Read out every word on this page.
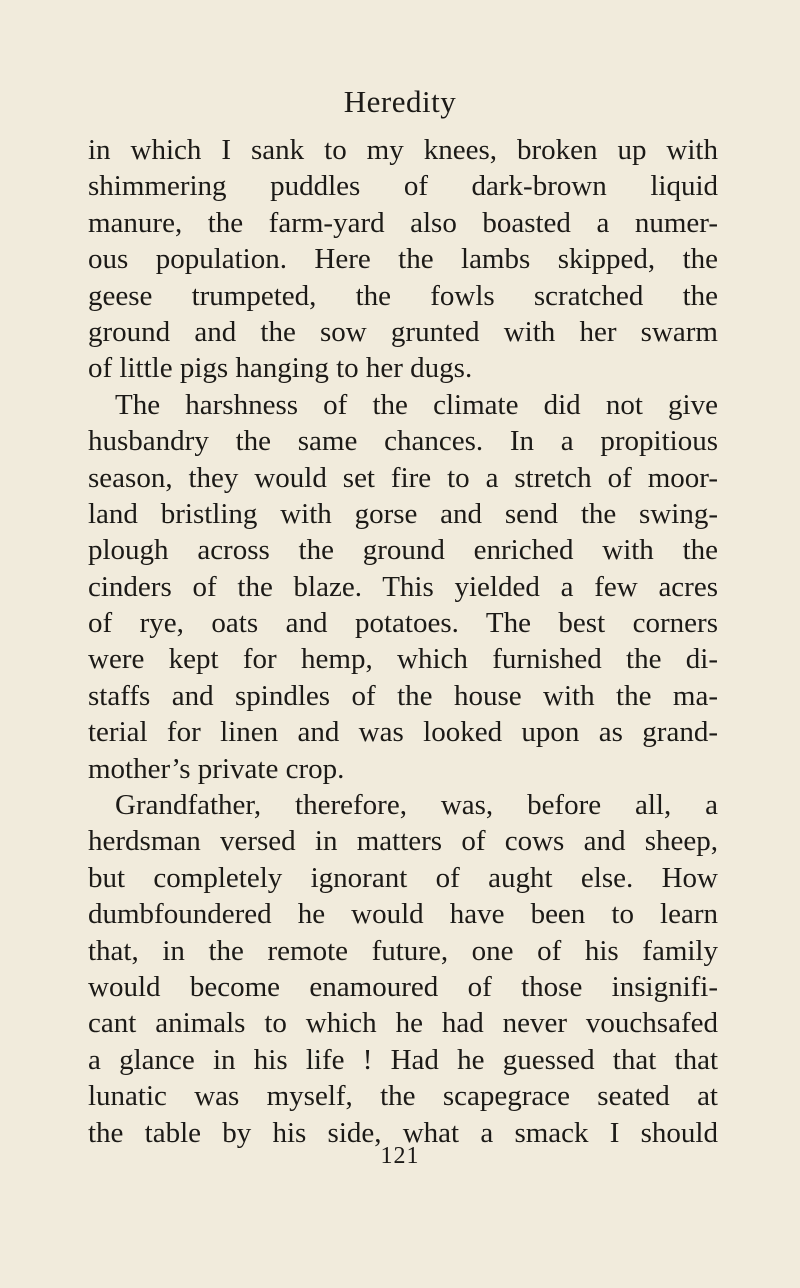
Heredity
in which I sank to my knees, broken up with
shimmering puddles of dark-brown liquid
manure, the farm-yard also boasted a numer-
ous population. Here the lambs skipped, the
geese trumpeted, the fowls scratched the
ground and the sow grunted with her swarm
of little pigs hanging to her dugs.
The harshness of the climate did not give
husbandry the same chances. In a propitious
season, they would set fire to a stretch of moor-
land bristling with gorse and send the swing-
plough across the ground enriched with the
cinders of the blaze. This yielded a few acres
of rye, oats and potatoes. The best corners
were kept for hemp, which furnished the di-
staffs and spindles of the house with the ma-
terial for linen and was looked upon as grand-
mother’s private crop.
Grandfather, therefore, was, before all, a
herdsman versed in matters of cows and sheep,
but completely ignorant of aught else. How
dumbfoundered he would have been to learn
that, in the remote future, one of his family
would become enamoured of those insignifi-
cant animals to which he had never vouchsafed
a glance in his life ! Had he guessed that that
lunatic was myself, the scapegrace seated at
the table by his side, what a smack I should
121
